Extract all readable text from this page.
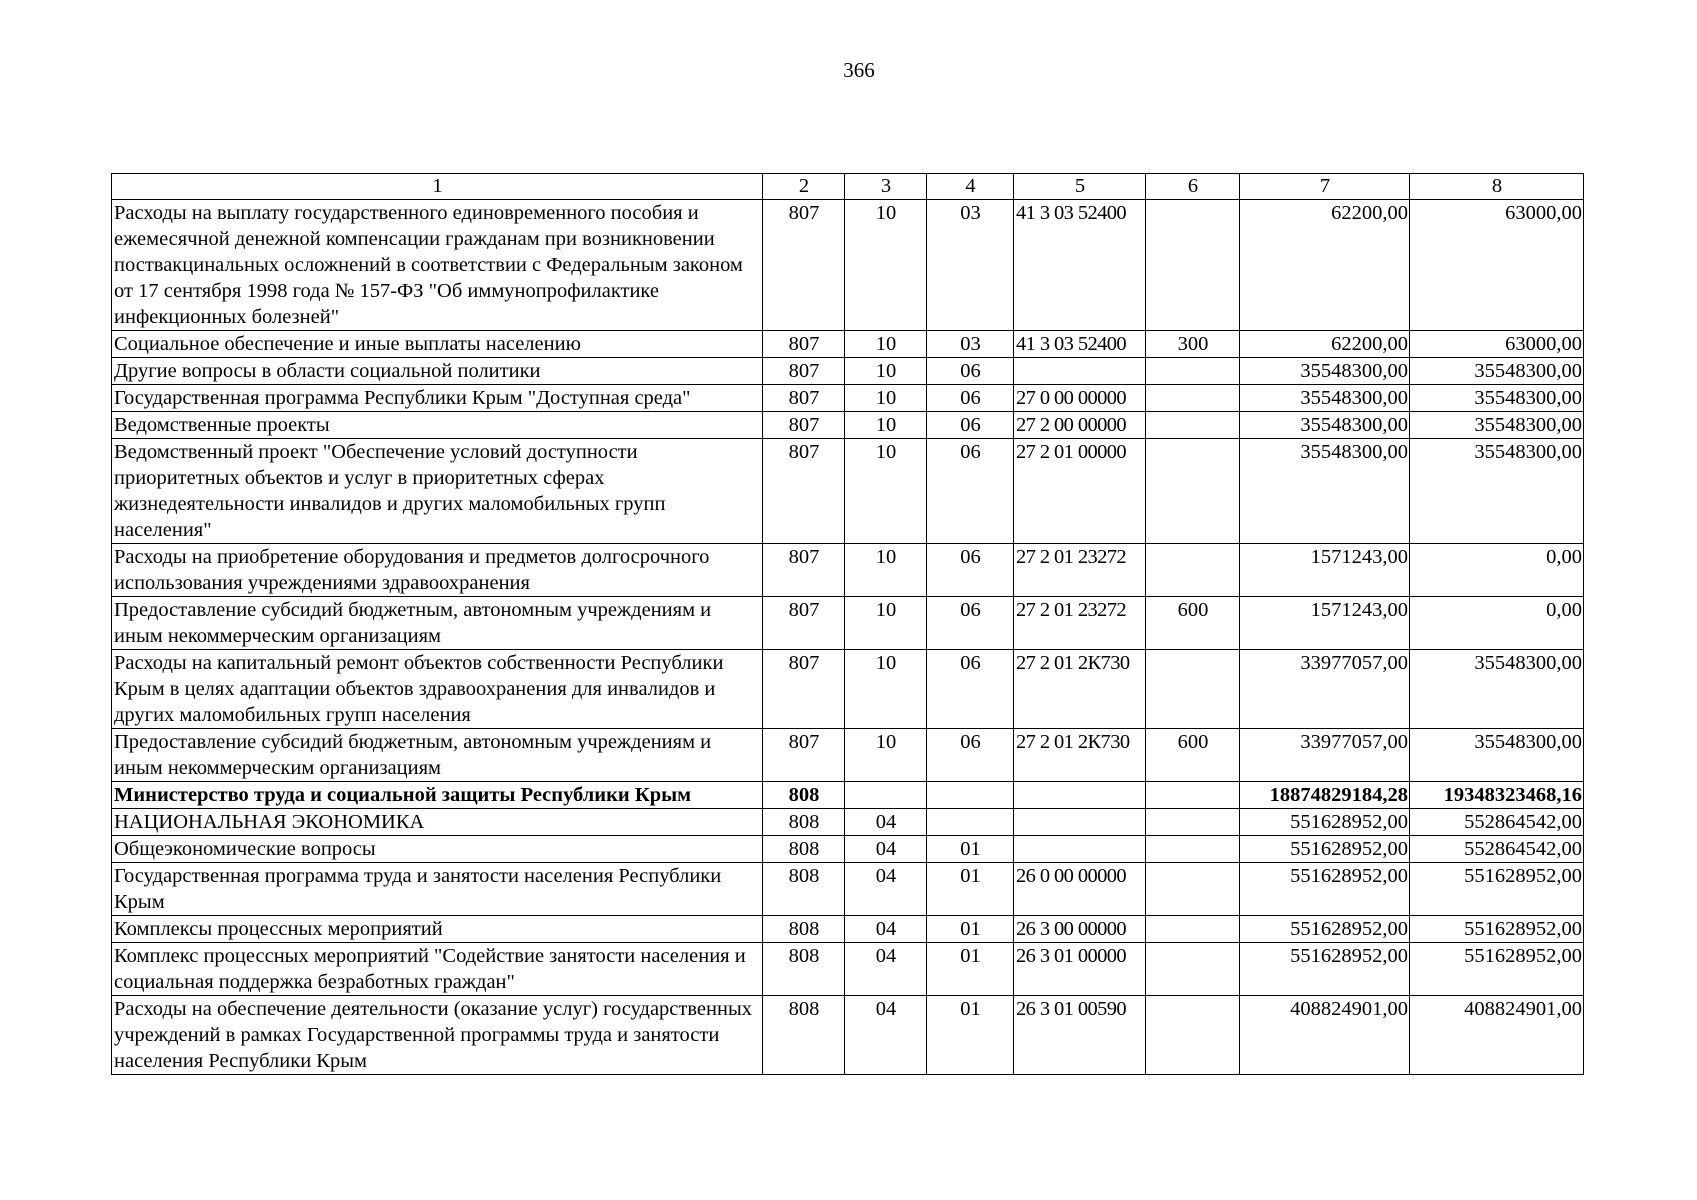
366
1	2	3	4	5	6	7	8
Расходы на выплату государственного единовременного пособия и ежемесячной денежной компенсации гражданам при возникновении поствакцинальных осложнений в соответствии с Федеральным законом от 17 сентября 1998 года № 157-ФЗ "Об иммунопрофилактике инфекционных болезней"	807	10	03	41 3 03 52400		62200,00	63000,00
Социальное обеспечение и иные выплаты населению	807	10	03	41 3 03 52400	300	62200,00	63000,00
Другие вопросы в области социальной политики	807	10	06			35548300,00	35548300,00
Государственная программа Республики Крым "Доступная среда"	807	10	06	27 0 00 00000		35548300,00	35548300,00
Ведомственные проекты	807	10	06	27 2 00 00000		35548300,00	35548300,00
Ведомственный проект "Обеспечение условий доступности приоритетных объектов и услуг в приоритетных сферах жизнедеятельности инвалидов и других маломобильных групп населения"	807	10	06	27 2 01 00000		35548300,00	35548300,00
Расходы на приобретение оборудования и предметов долгосрочного использования учреждениями здравоохранения	807	10	06	27 2 01 23272		1571243,00	0,00
Предоставление субсидий бюджетным, автономным учреждениям и иным некоммерческим организациям	807	10	06	27 2 01 23272	600	1571243,00	0,00
Расходы на капитальный ремонт объектов собственности Республики Крым в целях адаптации объектов здравоохранения для инвалидов и других маломобильных групп населения	807	10	06	27 2 01 2К730		33977057,00	35548300,00
Предоставление субсидий бюджетным, автономным учреждениям и иным некоммерческим организациям	807	10	06	27 2 01 2К730	600	33977057,00	35548300,00
Министерство труда и социальной защиты Республики Крым	808					18874829184,28	19348323468,16
НАЦИОНАЛЬНАЯ ЭКОНОМИКА	808	04				551628952,00	552864542,00
Общеэкономические вопросы	808	04	01			551628952,00	552864542,00
Государственная программа труда и занятости населения Республики Крым	808	04	01	26 0 00 00000		551628952,00	551628952,00
Комплексы процессных мероприятий	808	04	01	26 3 00 00000		551628952,00	551628952,00
Комплекс процессных мероприятий "Содействие занятости населения и социальная поддержка безработных граждан"	808	04	01	26 3 01 00000		551628952,00	551628952,00
Расходы на обеспечение деятельности (оказание услуг) государственных учреждений в рамках Государственной программы труда и занятости населения Республики Крым	808	04	01	26 3 01 00590		408824901,00	408824901,00
